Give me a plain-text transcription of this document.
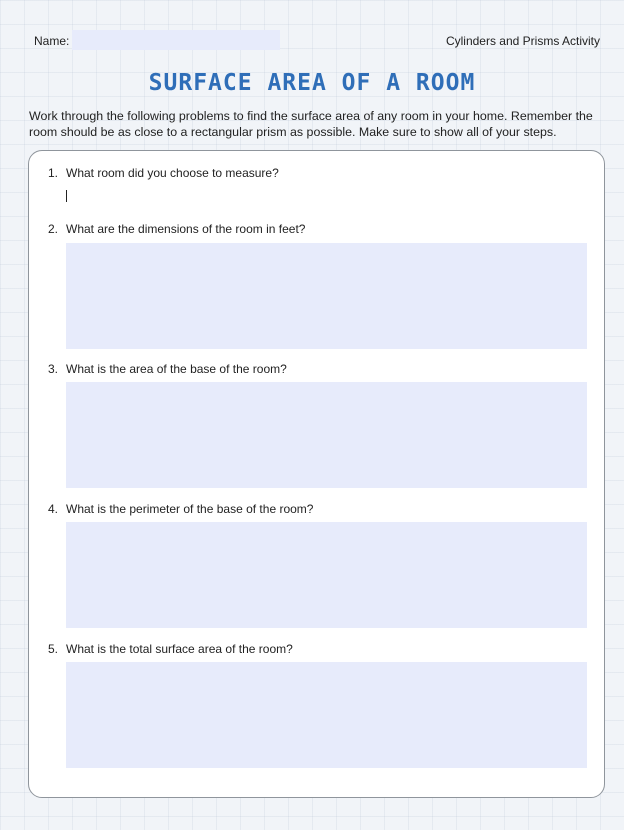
Name:	Cylinders and Prisms Activity
SURFACE AREA OF A ROOM

Work through the following problems to find the surface area of any room in your home. Remember the room should be as close to a rectangular prism as possible. Make sure to show all of your steps.

1. What room did you choose to measure?
2. What are the dimensions of the room in feet?
3. What is the area of the base of the room?
4. What is the perimeter of the base of the room?
5. What is the total surface area of the room?
